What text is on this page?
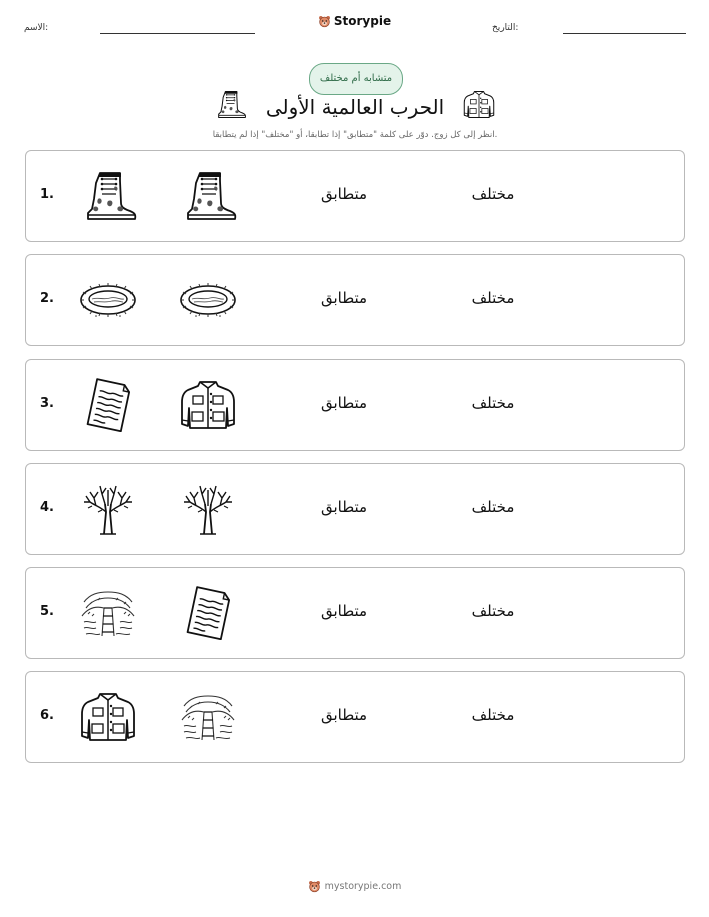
الاسم:	Storypie	التاريخ:
متشابه أم مختلف
الحرب العالمية الأولى
انظر إلى كل زوج. دوّر على كلمة "متطابق" إذا تطابقا، أو "مختلف" إذا لم يتطابقا.
1.	متطابق	مختلف
2.	متطابق	مختلف
3.	متطابق	مختلف
4.	متطابق	مختلف
5.	متطابق	مختلف
6.	متطابق	مختلف
mystorypie.com
